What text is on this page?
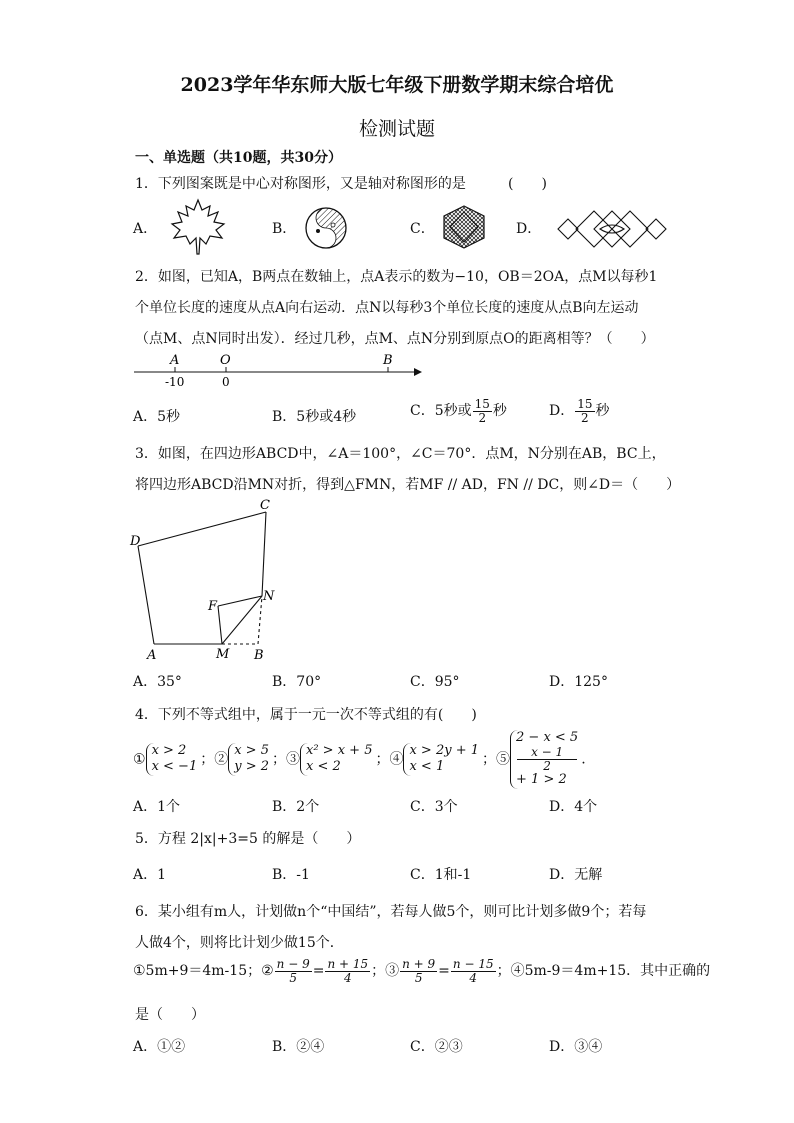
2023学年华东师大版七年级下册数学期末综合培优
检测试题
一、单选题（共10题，共30分）
1．下列图案既是中心对称图形，又是轴对称图形的是	(　　)
A．	B．	C．	D．
2．如图，已知A，B两点在数轴上，点A表示的数为−10，OB＝2OA，点M以每秒1
个单位长度的速度从点A向右运动．点N以每秒3个单位长度的速度从点B向左运动
（点M、点N同时出发）．经过几秒，点M、点N分别到原点O的距离相等？（　　）
A	O	B
-10	0
A．5秒	B．5秒或4秒	C．5秒或 $\frac{15}{2}$ 秒	D． $\frac{15}{2}$ 秒
3．如图，在四边形ABCD中，∠A＝100°，∠C＝70°．点M，N分别在AB，BC上，
将四边形ABCD沿MN对折，得到△FMN，若MF // AD，FN // DC，则∠D＝（　　）
A	B
C
D
F
M
N
A．35°	B．70°	C．95°	D．125°
4．下列不等式组中，属于一元一次不等式组的有(　　)
①
x > 2
x < −1 ；②
x > 5
y > 2 ；③
x² > x + 5
x < 2	；④
x > 2y + 1
x < 1	；⑤
2 − x < 5
x − 1
2
+ 1 > 2
.
A．1个	B．2个	C．3个	D．4个
5．方程 2|x|+3=5 的解是（　　）
A．1	B．-1	C．1和-1	D．无解
6．某小组有m人，计划做n个“中国结”，若每人做5个，则可比计划多做9个；若每
人做4个，则将比计划少做15个．
①5m+9＝4m-15；② $\frac{n - 9}{5} = \frac{n + 15}{4}$ ；③ $\frac{n + 9}{5} = \frac{n - 15}{4}$ ；④5m-9＝4m+15．其中正确的
是（　　）
A．①②	B．②④	C．②③	D．③④
